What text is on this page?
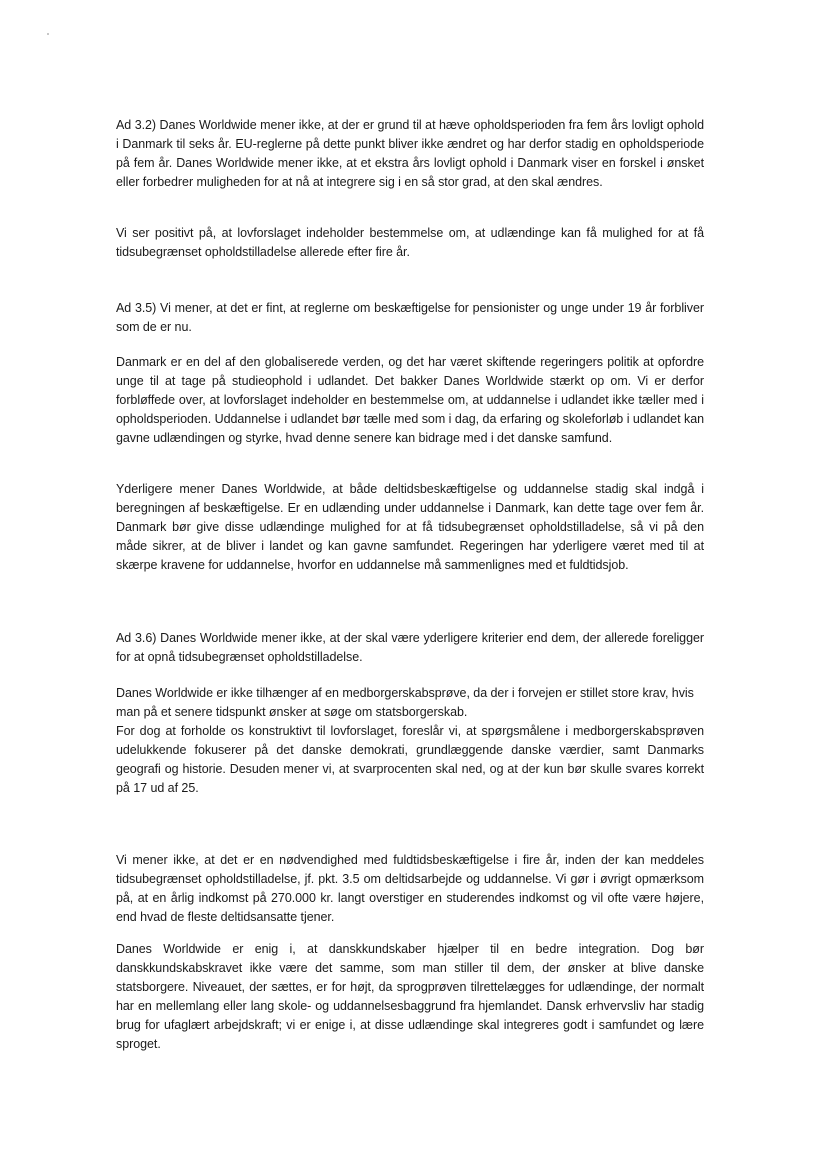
Ad 3.2) Danes Worldwide mener ikke, at der er grund til at hæve opholdsperioden fra fem års lovligt ophold i Danmark til seks år. EU-reglerne på dette punkt bliver ikke ændret og har derfor stadig en opholdsperiode på fem år. Danes Worldwide mener ikke, at et ekstra års lovligt ophold i Danmark viser en forskel i ønsket eller forbedrer muligheden for at nå at integrere sig i en så stor grad, at den skal ændres.

Vi ser positivt på, at lovforslaget indeholder bestemmelse om, at udlændinge kan få mulighed for at få tidsubegrænset opholdstilladelse allerede efter fire år.

Ad 3.5) Vi mener, at det er fint, at reglerne om beskæftigelse for pensionister og unge under 19 år forbliver som de er nu.

Danmark er en del af den globaliserede verden, og det har været skiftende regeringers politik at opfordre unge til at tage på studieophold i udlandet. Det bakker Danes Worldwide stærkt op om. Vi er derfor forbløffede over, at lovforslaget indeholder en bestemmelse om, at uddannelse i udlandet ikke tæller med i opholdsperioden. Uddannelse i udlandet bør tælle med som i dag, da erfaring og skoleforløb i udlandet kan gavne udlændingen og styrke, hvad denne senere kan bidrage med i det danske samfund.

Yderligere mener Danes Worldwide, at både deltidsbeskæftigelse og uddannelse stadig skal indgå i beregningen af beskæftigelse. Er en udlænding under uddannelse i Danmark, kan dette tage over fem år. Danmark bør give disse udlændinge mulighed for at få tidsubegrænset opholdstilladelse, så vi på den måde sikrer, at de bliver i landet og kan gavne samfundet. Regeringen har yderligere været med til at skærpe kravene for uddannelse, hvorfor en uddannelse må sammenlignes med et fuldtidsjob.

Ad 3.6) Danes Worldwide mener ikke, at der skal være yderligere kriterier end dem, der allerede foreligger for at opnå tidsubegrænset opholdstilladelse.

Danes Worldwide er ikke tilhænger af en medborgerskabsprøve, da der i forvejen er stillet store krav, hvis man på et senere tidspunkt ønsker at søge om statsborgerskab.

For dog at forholde os konstruktivt til lovforslaget, foreslår vi, at spørgsmålene i medborgerskabsprøven udelukkende fokuserer på det danske demokrati, grundlæggende danske værdier, samt Danmarks geografi og historie. Desuden mener vi, at svarprocenten skal ned, og at der kun bør skulle svares korrekt på 17 ud af 25.

Vi mener ikke, at det er en nødvendighed med fuldtidsbeskæftigelse i fire år, inden der kan meddeles tidsubegrænset opholdstilladelse, jf. pkt. 3.5 om deltidsarbejde og uddannelse. Vi gør i øvrigt opmærksom på, at en årlig indkomst på 270.000 kr. langt overstiger en studerendes indkomst og vil ofte være højere, end hvad de fleste deltidsansatte tjener.

Danes Worldwide er enig i, at danskkundskaber hjælper til en bedre integration. Dog bør danskkundskabskravet ikke være det samme, som man stiller til dem, der ønsker at blive danske statsborgere. Niveauet, der sættes, er for højt, da sprogprøven tilrettelægges for udlændinge, der normalt har en mellemlang eller lang skole- og uddannelsesbaggrund fra hjemlandet. Dansk erhvervsliv har stadig brug for ufaglært arbejdskraft; vi er enige i, at disse udlændinge skal integreres godt i samfundet og lære sproget.
